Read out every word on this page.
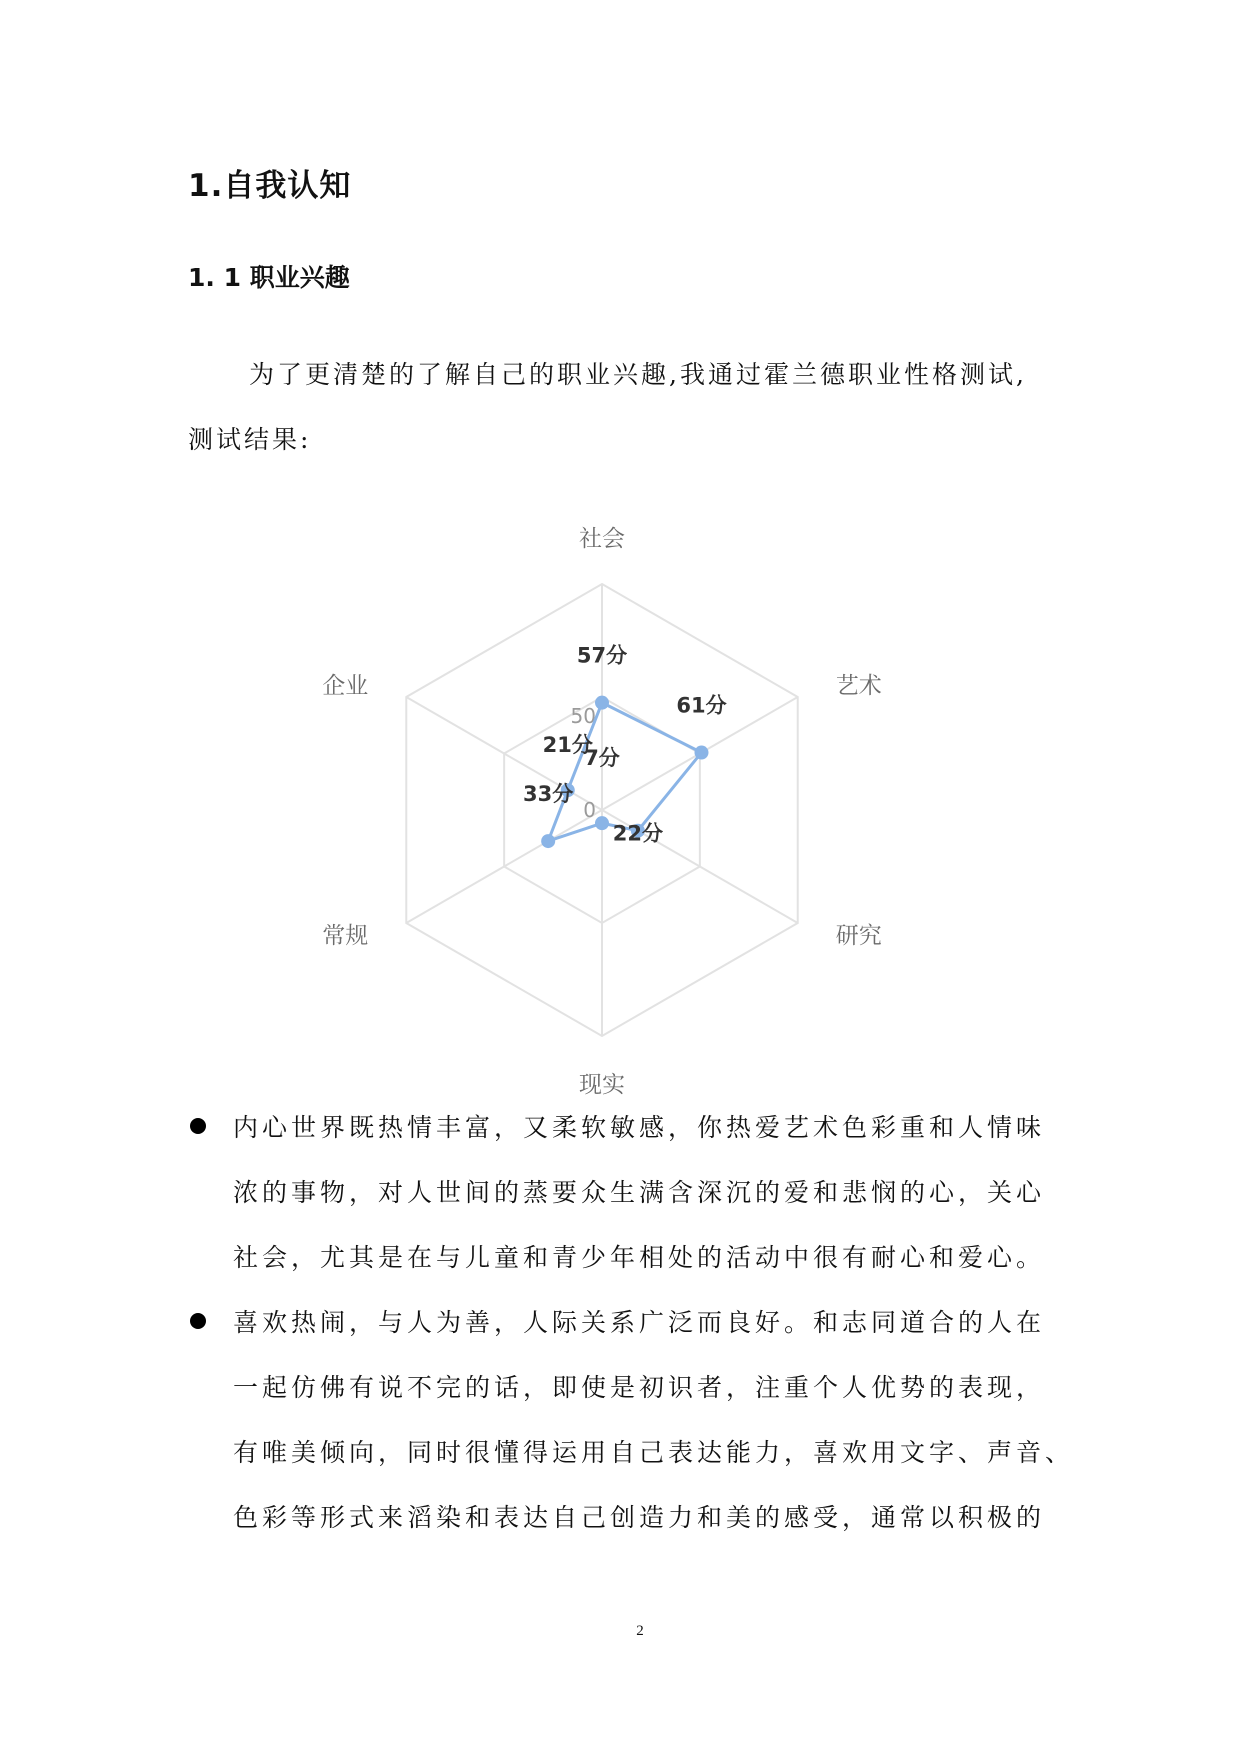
1.自我认知
1. 1 职业兴趣
为了更清楚的了解自己的职业兴趣,我通过霍兰德职业性格测试,
测试结果:
0
50
社会
艺术
研究
现实
常规
企业
57分
61分
22分
7分
33分
21分
内心世界既热情丰富，又柔软敏感，你热爱艺术色彩重和人情味
浓的事物，对人世间的蒸要众生满含深沉的爱和悲悯的心，关心
社会，尤其是在与儿童和青少年相处的活动中很有耐心和爱心。
喜欢热闹，与人为善，人际关系广泛而良好。和志同道合的人在
一起仿佛有说不完的话，即使是初识者，注重个人优势的表现，
有唯美倾向，同时很懂得运用自己表达能力，喜欢用文字、声音、
色彩等形式来滔染和表达自己创造力和美的感受，通常以积极的
2
